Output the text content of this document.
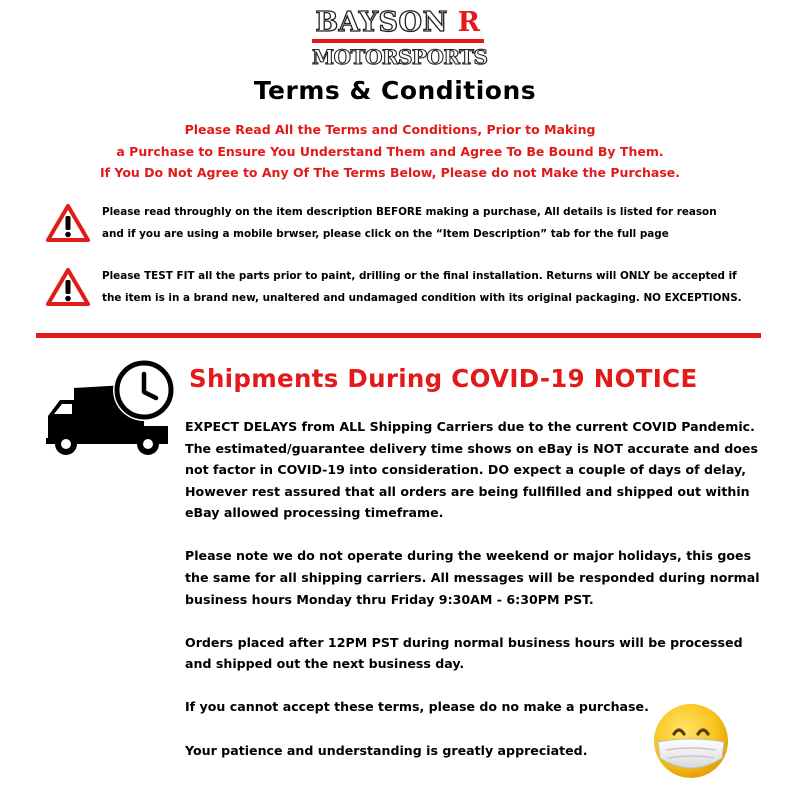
BAYSON R
MOTORSPORTS
Terms & Conditions
Please Read All the Terms and Conditions, Prior to Making
a Purchase to Ensure You Understand Them and Agree To Be Bound By Them.
If You Do Not Agree to Any Of The Terms Below, Please do not Make the Purchase.
Please read throughly on the item description BEFORE making a purchase, All details is listed for reason
and if you are using a mobile brwser, please click on the “Item Description” tab for the full page
Please TEST FIT all the parts prior to paint, drilling or the final installation. Returns will ONLY be accepted if
the item is in a brand new, unaltered and undamaged condition with its original packaging. NO EXCEPTIONS.
Shipments During COVID-19 NOTICE

EXPECT DELAYS from ALL Shipping Carriers due to the current COVID Pandemic. The estimated/guarantee delivery time shows on eBay is NOT accurate and does not factor in COVID-19 into consideration. DO expect a couple of days of delay, However rest assured that all orders are being fullfilled and shipped out within eBay allowed processing timeframe.

Please note we do not operate during the weekend or major holidays, this goes the same for all shipping carriers. All messages will be responded during normal business hours Monday thru Friday 9:30AM - 6:30PM PST.

Orders placed after 12PM PST during normal business hours will be processed and shipped out the next business day.

If you cannot accept these terms, please do no make a purchase.

Your patience and understanding is greatly appreciated.
